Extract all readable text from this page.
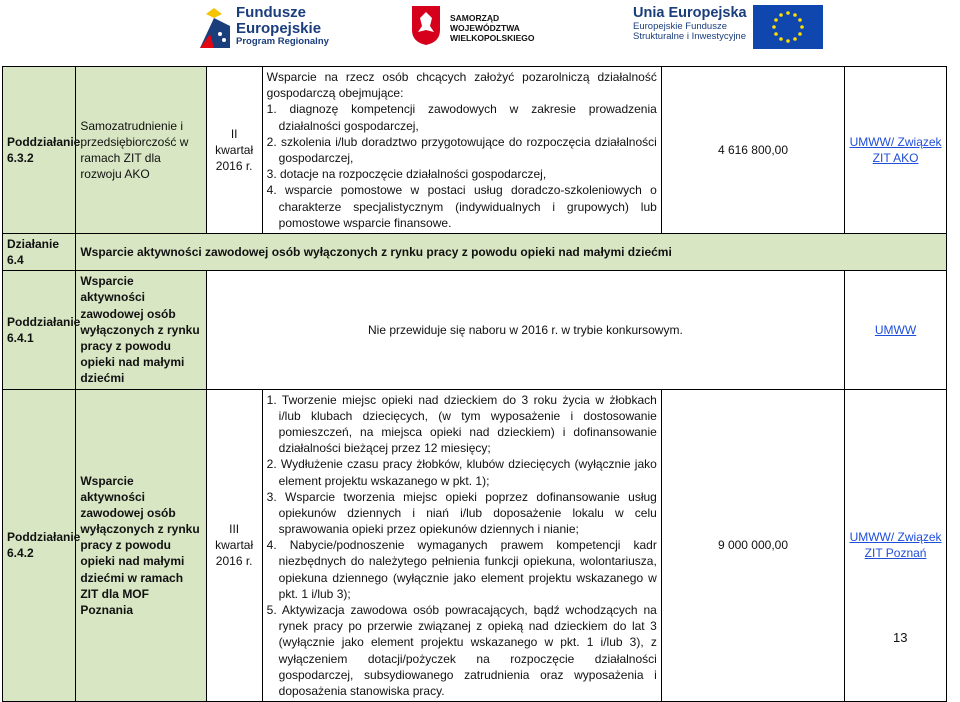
Fundusze
Europejskie
Program Regionalny
SAMORZĄD WOJEWÓDZTWA
WIELKOPOLSKIEGO
Unia Europejska
Europejskie Fundusze
Strukturalne i Inwestycyjne
Poddziałanie 6.3.2	Samozatrudnienie i przedsiębiorczość w ramach ZIT dla rozwoju AKO	II kwartał 2016 r.	Wsparcie na rzecz osób chcących założyć pozarolniczą działalność gospodarczą obejmujące:
1. diagnozę kompetencji zawodowych w zakresie prowadzenia działalności gospodarczej,
2. szkolenia i/lub doradztwo przygotowujące do rozpoczęcia działalności gospodarczej,
3. dotacje na rozpoczęcie działalności gospodarczej,
4. wsparcie pomostowe w postaci usług doradczo-szkoleniowych o charakterze specjalistycznym (indywidualnych i grupowych) lub pomostowe wsparcie finansowe.	4 616 800,00	UMWW/ Związek ZIT AKO
Działanie 6.4	Wsparcie aktywności zawodowej osób wyłączonych z rynku pracy z powodu opieki nad małymi dziećmi				
Poddziałanie 6.4.1	Wsparcie aktywności zawodowej osób wyłączonych z rynku pracy z powodu opieki nad małymi dziećmi	Nie przewiduje się naboru w 2016 r. w trybie konkursowym.			UMWW
Poddziałanie 6.4.2	Wsparcie aktywności zawodowej osób wyłączonych z rynku pracy z powodu opieki nad małymi dziećmi w ramach ZIT dla MOF Poznania	III kwartał 2016 r.	1. Tworzenie miejsc opieki nad dzieckiem do 3 roku życia w żłobkach i/lub klubach dziecięcych, (w tym wyposażenie i dostosowanie pomieszczeń, na miejsca opieki nad dzieckiem) i dofinansowanie działalności bieżącej przez 12 miesięcy;
2. Wydłużenie czasu pracy żłobków, klubów dziecięcych (wyłącznie jako element projektu wskazanego w pkt. 1);
3. Wsparcie tworzenia miejsc opieki poprzez dofinansowanie usług opiekunów dziennych i niań i/lub doposażenie lokalu w celu sprawowania opieki przez opiekunów dziennych i nianie;
4. Nabycie/podnoszenie wymaganych prawem kompetencji kadr niezbędnych do należytego pełnienia funkcji opiekuna, wolontariusza, opiekuna dziennego (wyłącznie jako element projektu wskazanego w pkt. 1 i/lub 3);
5. Aktywizacja zawodowa osób powracających, bądź wchodzących na rynek pracy po przerwie związanej z opieką nad dzieckiem do lat 3 (wyłącznie jako element projektu wskazanego w pkt. 1 i/lub 3), z wyłączeniem dotacji/pożyczek na rozpoczęcie działalności gospodarczej, subsydiowanego zatrudnienia oraz wyposażenia i doposażenia stanowiska pracy.	9 000 000,00	UMWW/ Związek ZIT Poznań
13
